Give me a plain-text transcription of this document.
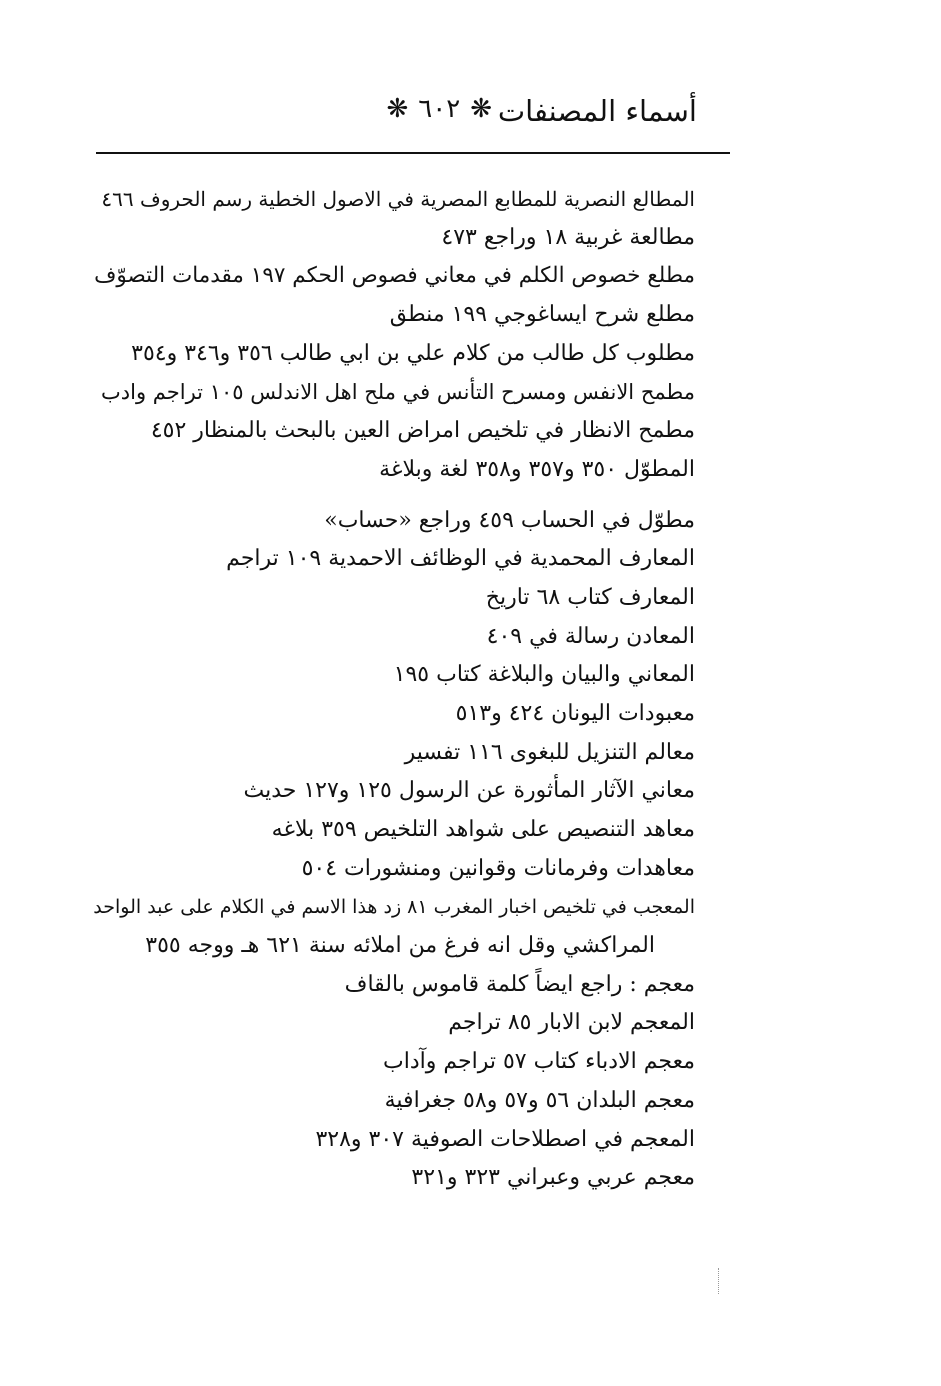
أسماء المصنفات
❋ ٦٠٢ ❋
المطالع النصرية للمطابع المصرية في الاصول الخطية رسم الحروف ٤٦٦
مطالعة غربية ١٨ وراجع ٤٧٣
مطلع خصوص الكلم في معاني فصوص الحكم ١٩٧ مقدمات التصوّف
مطلع شرح ايساغوجي ١٩٩ منطق
مطلوب كل طالب من كلام علي بن ابي طالب ٣٥٦ و٣٤٦ و٣٥٤
مطمح الانفس ومسرح التأنس في ملح اهل الاندلس ١٠٥ تراجم وادب
مطمح الانظار في تلخيص امراض العين بالبحث بالمنظار ٤٥٢
المطوّل ٣٥٠ و٣٥٧ و٣٥٨ لغة وبلاغة
مطوّل في الحساب ٤٥٩ وراجع «حساب»
المعارف المحمدية في الوظائف الاحمدية ١٠٩ تراجم
المعارف كتاب ٦٨ تاريخ
المعادن رسالة في ٤٠٩
المعاني والبيان والبلاغة كتاب ١٩٥
معبودات اليونان ٤٢٤ و٥١٣
معالم التنزيل للبغوى ١١٦ تفسير
معاني الآثار المأثورة عن الرسول ١٢٥ و١٢٧ حديث
معاهد التنصيص على شواهد التلخيص ٣٥٩ بلاغه
معاهدات وفرمانات وقوانين ومنشورات ٥٠٤
المعجب في تلخيص اخبار المغرب ٨١ زد هذا الاسم في الكلام على عبد الواحد
المراكشي وقل انه فرغ من املائه سنة ٦٢١ هـ ووجه ٣٥٥
معجم : راجع ايضاً كلمة قاموس بالقاف
المعجم لابن الابار ٨٥ تراجم
معجم الادباء كتاب ٥٧ تراجم وآداب
معجم البلدان ٥٦ و٥٧ و٥٨ جغرافية
المعجم في اصطلاحات الصوفية ٣٠٧ و٣٢٨
معجم عربي وعبراني ٣٢٣ و٣٢١
